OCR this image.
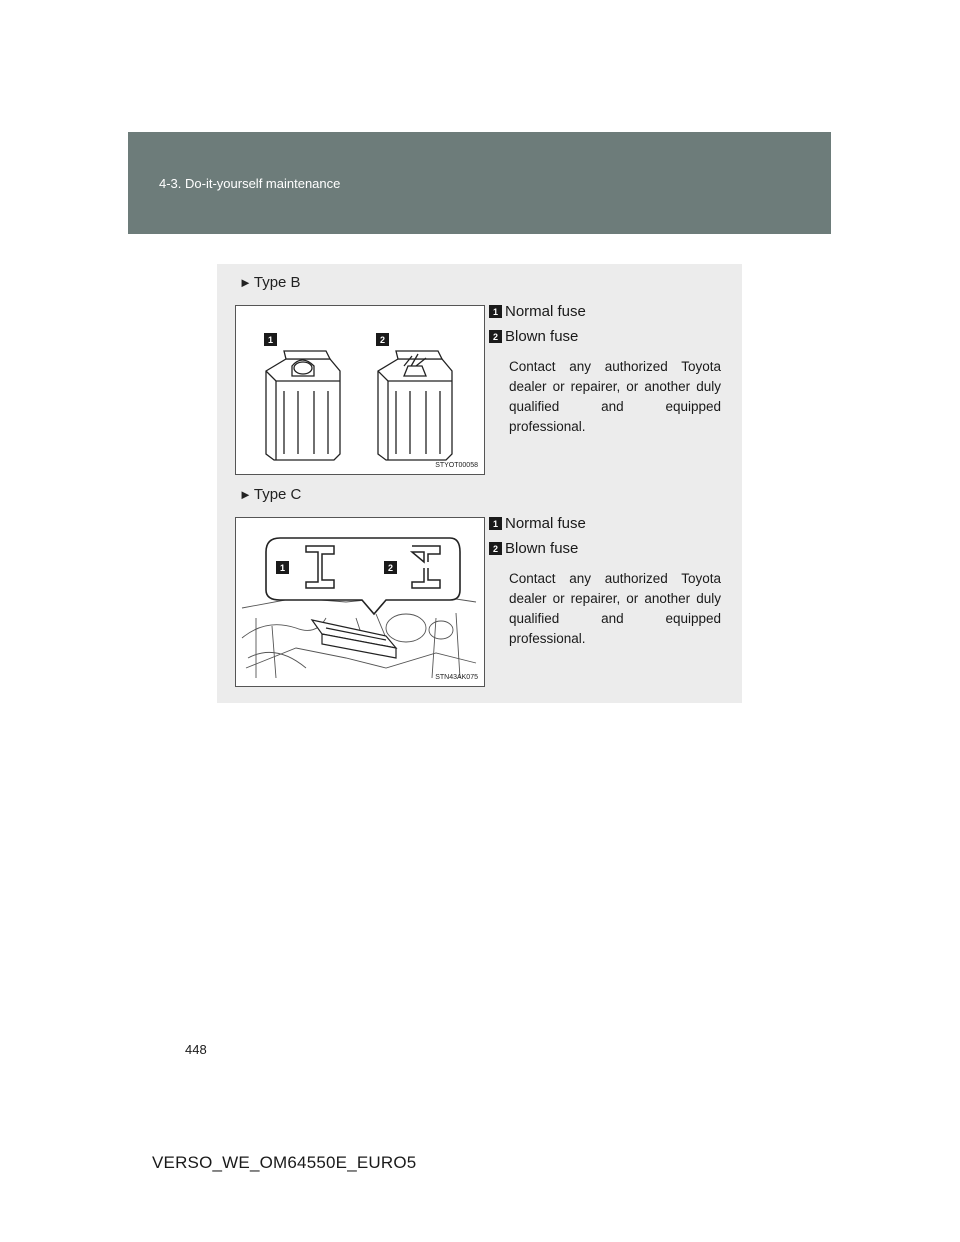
4-3. Do-it-yourself maintenance
► Type B
1	2
STYOT00058
1 Normal fuse
2 Blown fuse
Contact any authorized Toyota dealer or repairer, or another duly qualified and equipped professional.
► Type C
1	2
STN43AK075
1 Normal fuse
2 Blown fuse
Contact any authorized Toyota dealer or repairer, or another duly qualified and equipped professional.
448
VERSO_WE_OM64550E_EURO5
